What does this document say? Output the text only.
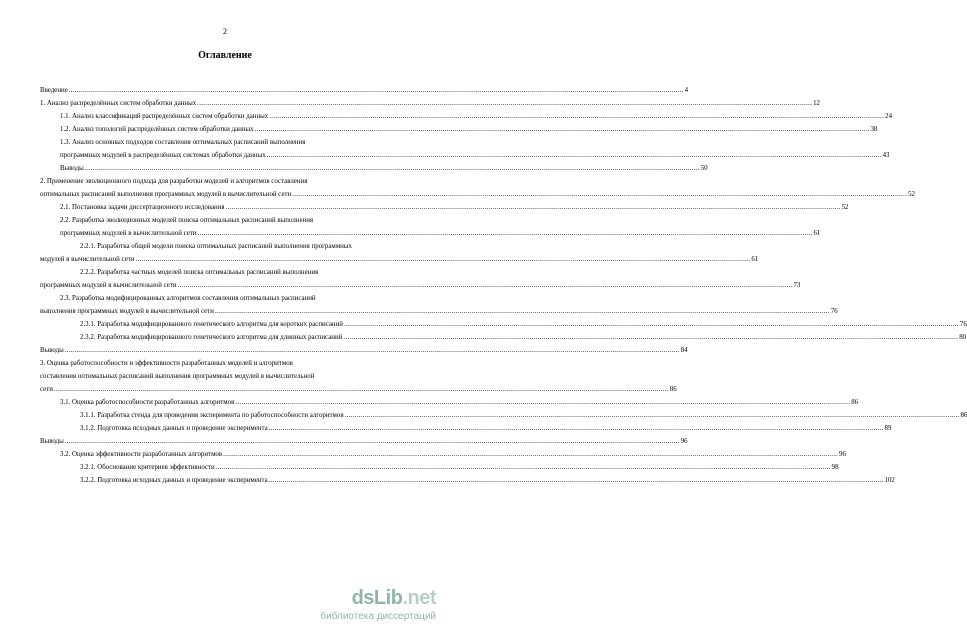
2
Оглавление
Введение .....	4
1. Анализ распределённых систем обработки данных .....	12
1.1. Анализ классификаций распределённых систем обработки данных .....	24
1.2. Анализ топологий распределённых систем обработки данных .....	38
1.3. Анализ основных подходов составления оптимальных расписаний выполнения
программных модулей в распределённых системах обработки данных .....	43
Выводы .....	50
2. Применение эволюционного подхода для разработки моделей и алгоритмов составления
оптимальных расписаний выполнения программных модулей в вычислительной сети .....	52
2.1. Постановка задачи диссертационного исследования .....	52
2.2. Разработка эволюционных моделей поиска оптимальных расписаний выполнения
программных модулей в вычислительной сети .....	61
2.2.1. Разработка общей модели поиска оптимальных расписаний выполнения программных
модулей в вычислительной сети .....	61
2.2.2. Разработка частных моделей поиска оптимальных расписаний выполнения
программных модулей в вычислительной сети .....	73
2.3. Разработка модифицированных алгоритмов составления оптимальных расписаний
выполнения программных модулей в вычислительной сети .....	76
2.3.1. Разработка модифицированного генетического алгоритма для коротких расписаний .....	76
2.3.2. Разработка модифицированного генетического алгоритма для длинных расписаний .....	80
Выводы .....	84
3. Оценка работоспособности и эффективности разработанных моделей и алгоритмов
составления оптимальных расписаний выполнения программных модулей в вычислительной
сети .....	86
3.1. Оценка работоспособности разработанных алгоритмов .....	86
3.1.1. Разработка стенда для проведения эксперимента по работоспособности алгоритмов .....	86
3.1.2. Подготовка исходных данных и проведение эксперимента .....	89
Выводы .....	96
3.2. Оценка эффективности разработанных алгоритмов .....	96
3.2.1. Обоснование критериев эффективности .....	98
3.2.2. Подготовка исходных данных и проведение эксперимента .....	102
dsLib.net
библиотека диссертаций
